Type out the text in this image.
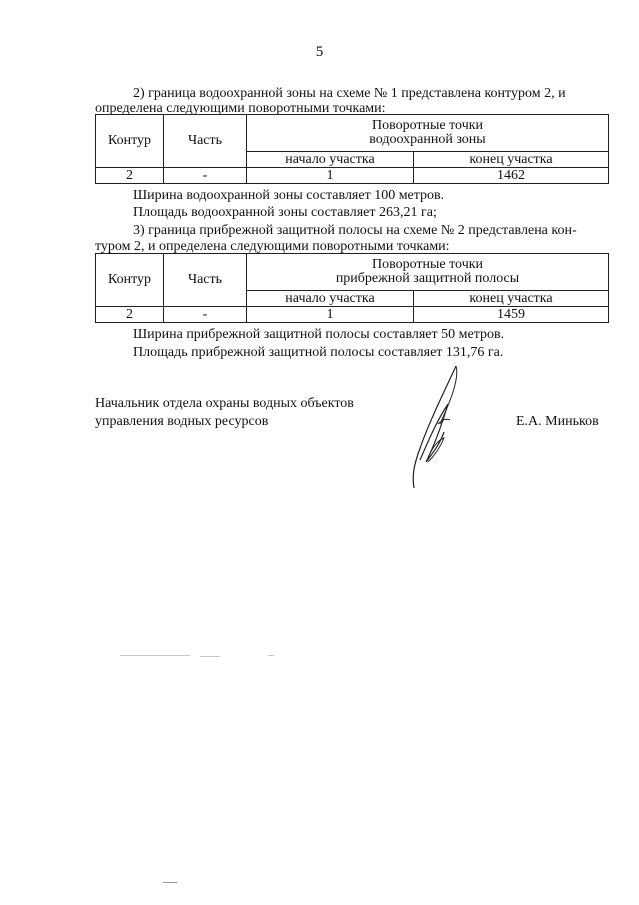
5
2) граница водоохранной зоны на схеме № 1 представлена контуром 2, и
определена следующими поворотными точками:
Контур	Часть	Поворотные точки
водоохранной зоны	

		начало участка	конец участка
2	-	1	1462
Ширина водоохранной зоны составляет 100 метров.
Площадь водоохранной зоны составляет 263,21 га;
3) граница прибрежной защитной полосы на схеме № 2 представлена кон-
туром 2, и определена следующими поворотными точками:
Контур	Часть	Поворотные точки
прибрежной защитной полосы	

		начало участка	конец участка
2	-	1	1459
Ширина прибрежной защитной полосы составляет 50 метров.
Площадь прибрежной защитной полосы составляет 131,76 га.
Начальник отдела охраны водных объектов
управления водных ресурсов	Е.А. Миньков
